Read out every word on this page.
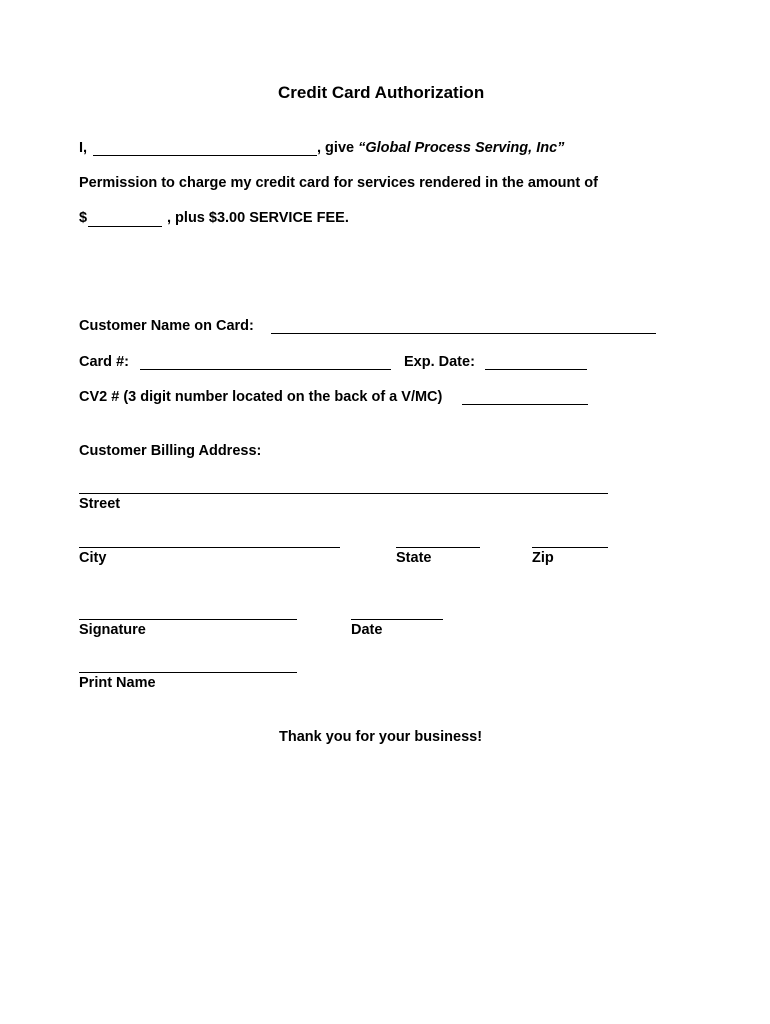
Credit Card Authorization
I,	, give “Global Process Serving, Inc”
Permission to charge my credit card for services rendered in the amount of
$	, plus $3.00 SERVICE FEE.
Customer Name on Card:
Card #:	Exp. Date:
CV2 # (3 digit number located on the back of a V/MC)
Customer Billing Address:
Street
City	State	Zip
Signature	Date
Print Name
Thank you for your business!
